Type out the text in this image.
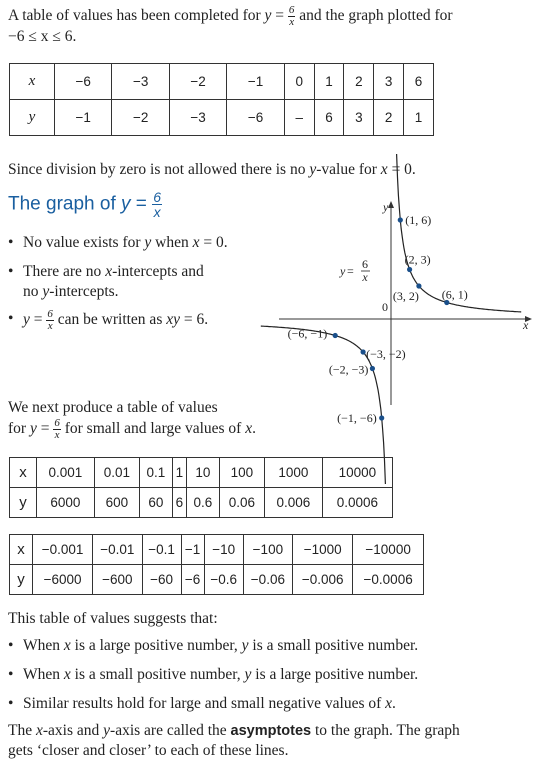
A table of values has been completed for $y = \frac{6}{x}$ and the graph plotted for
−6 ≤ x ≤ 6.
x	−6	−3	−2	−1	0	1	2	3	6
y	−1	−2	−3	−6	–	6	3	2	1
Since division by zero is not allowed there is no y-value for x = 0.
The graph of $y = \frac{6}{x}$
• No value exists for y when x = 0.
• There are no x-intercepts and
no y-intercepts.
• $y = \frac{6}{x}$ can be written as xy = 6.	x
y
0
(1, 6)
(2, 3)
(3, 2) (6, 1)
(−1, −6)
(−2, −3)
(−3, −2)
(−6, −1)
y = 6
x
We next produce a table of values
for $y = \frac{6}{x}$ for small and large values of x.
x	0.001	0.01	0.1	1	10	100	1000	10000
y	6000	600	60	6	0.6	0.06	0.006	0.0006
x	−0.001	−0.01	−0.1	−1	−10	−100	−1000	−10000
y	−6000	−600	−60	−6	−0.6	−0.06	−0.006	−0.0006
This table of values suggests that:
• When x is a large positive number, y is a small positive number.
• When x is a small positive number, y is a large positive number.
• Similar results hold for large and small negative values of x.
The x-axis and y-axis are called the asymptotes to the graph. The graph
gets ‘closer and closer’ to each of these lines.
